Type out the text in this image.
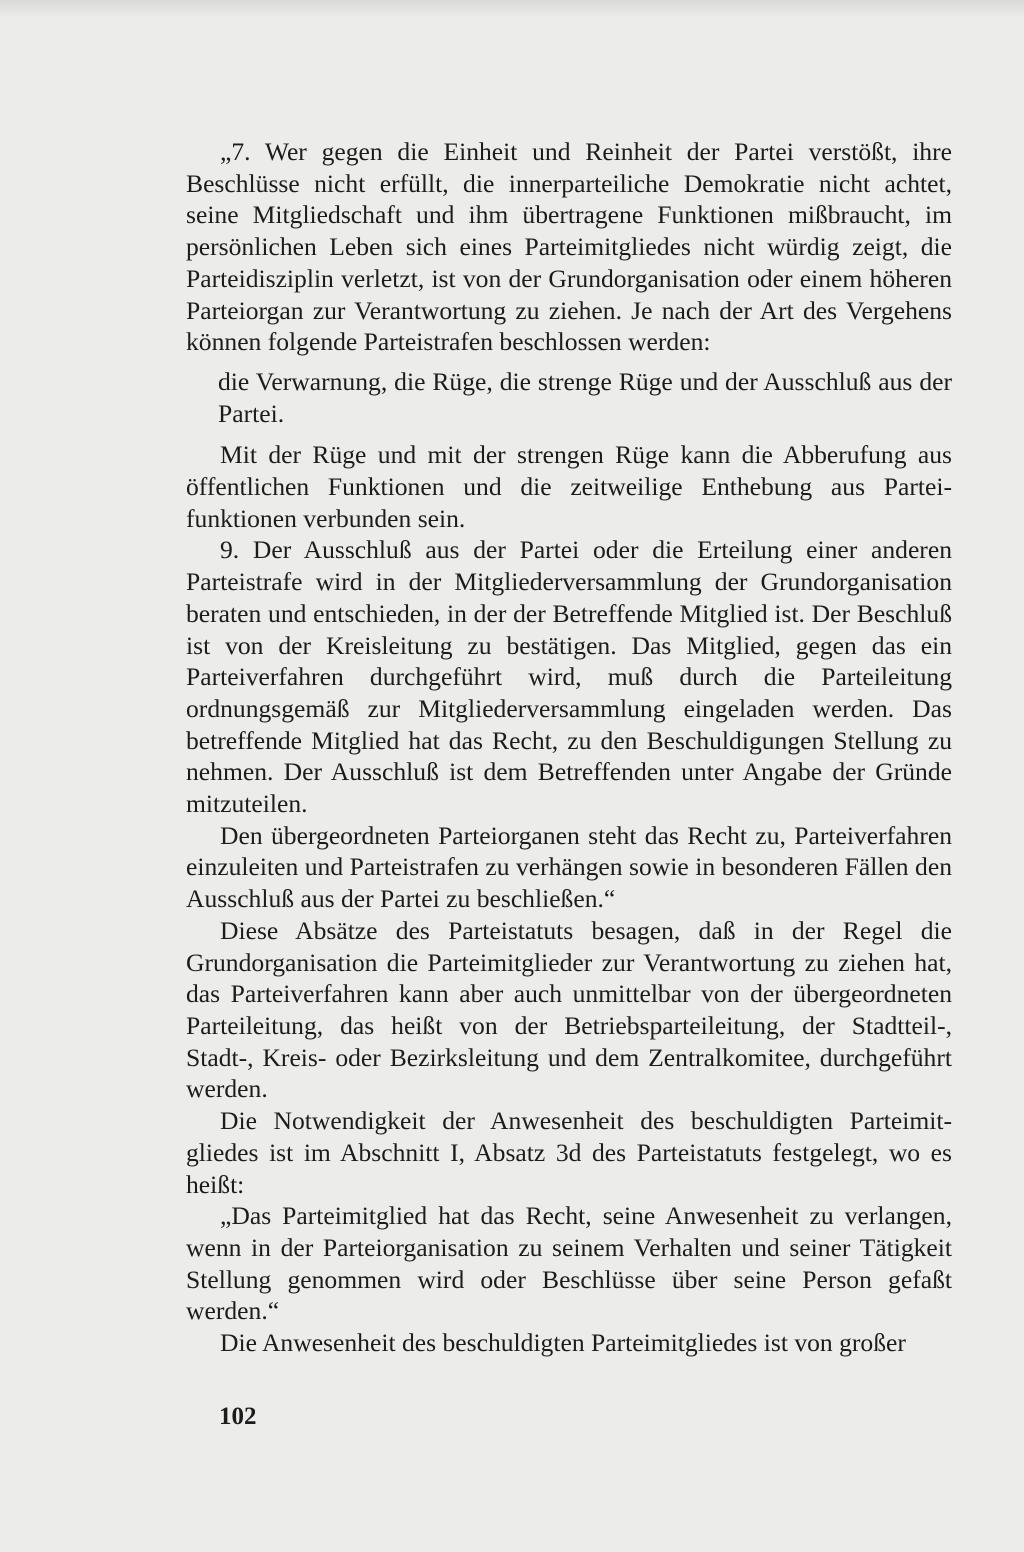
„7. Wer gegen die Einheit und Reinheit der Partei verstößt, ihre Beschlüsse nicht erfüllt, die innerparteiliche Demokratie nicht achtet, seine Mitgliedschaft und ihm übertragene Funktionen mißbraucht, im persönlichen Leben sich eines Parteimitgliedes nicht würdig zeigt, die Parteidisziplin verletzt, ist von der Grundorganisation oder einem höheren Parteiorgan zur Verantwortung zu ziehen. Je nach der Art des Vergehens können folgende Parteistrafen beschlossen werden:

die Verwarnung, die Rüge, die strenge Rüge und der Ausschluß aus der Partei.

Mit der Rüge und mit der strengen Rüge kann die Abberufung aus öffentlichen Funktionen und die zeitweilige Enthebung aus Parteifunktionen verbunden sein.

9. Der Ausschluß aus der Partei oder die Erteilung einer anderen Parteistrafe wird in der Mitgliederversammlung der Grundorganisation beraten und entschieden, in der der Betreffende Mitglied ist. Der Beschluß ist von der Kreisleitung zu bestätigen. Das Mitglied, gegen das ein Parteiverfahren durchgeführt wird, muß durch die Parteileitung ordnungsgemäß zur Mitgliederversammlung eingeladen werden. Das betreffende Mitglied hat das Recht, zu den Beschuldigungen Stellung zu nehmen. Der Ausschluß ist dem Betreffenden unter Angabe der Gründe mitzuteilen.

Den übergeordneten Parteiorganen steht das Recht zu, Parteiverfahren einzuleiten und Parteistrafen zu verhängen sowie in besonderen Fällen den Ausschluß aus der Partei zu beschließen.“

Diese Absätze des Parteistatuts besagen, daß in der Regel die Grundorganisation die Parteimitglieder zur Verantwortung zu ziehen hat, das Parteiverfahren kann aber auch unmittelbar von der übergeordneten Parteileitung, das heißt von der Betriebsparteileitung, der Stadtteil-, Stadt-, Kreis- oder Bezirksleitung und dem Zentralkomitee, durchgeführt werden.

Die Notwendigkeit der Anwesenheit des beschuldigten Parteimitgliedes ist im Abschnitt I, Absatz 3d des Parteistatuts festgelegt, wo es heißt:

„Das Parteimitglied hat das Recht, seine Anwesenheit zu verlangen, wenn in der Parteiorganisation zu seinem Verhalten und seiner Tätigkeit Stellung genommen wird oder Beschlüsse über seine Person gefaßt werden.“

Die Anwesenheit des beschuldigten Parteimitgliedes ist von großer

102
